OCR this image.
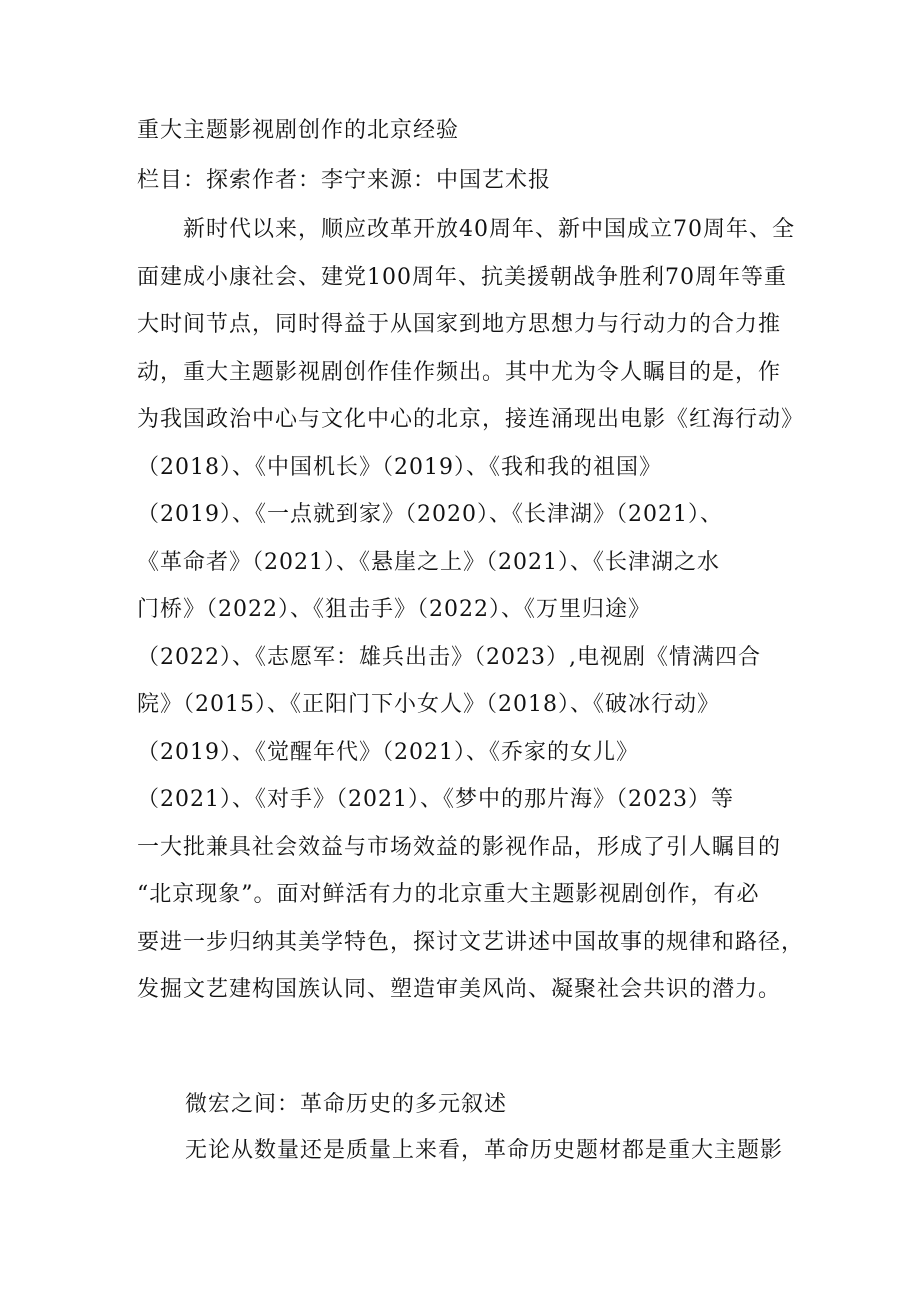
重大主题影视剧创作的北京经验
栏目：探索作者：李宁来源：中国艺术报
新时代以来，顺应改革开放40周年、新中国成立70周年、全
面建成小康社会、建党100周年、抗美援朝战争胜利70周年等重
大时间节点，同时得益于从国家到地方思想力与行动力的合力推
动，重大主题影视剧创作佳作频出。其中尤为令人瞩目的是，作
为我国政治中心与文化中心的北京，接连涌现出电影《红海行动》
（2018）、《中国机长》（2019）、《我和我的祖国》
（2019）、《一点就到家》（2020）、《长津湖》（2021）、
《革命者》（2021）、《悬崖之上》（2021）、《长津湖之水
门桥》（2022）、《狙击手》（2022）、《万里归途》
（2022）、《志愿军：雄兵出击》（2023）,电视剧《情满四合
院》（2015）、《正阳门下小女人》（2018）、《破冰行动》
（2019）、《觉醒年代》（2021）、《乔家的女儿》
（2021）、《对手》（2021）、《梦中的那片海》（2023）等
一大批兼具社会效益与市场效益的影视作品，形成了引人瞩目的
“北京现象”。面对鲜活有力的北京重大主题影视剧创作，有必
要进一步归纳其美学特色，探讨文艺讲述中国故事的规律和路径，
发掘文艺建构国族认同、塑造审美风尚、凝聚社会共识的潜力。
微宏之间：革命历史的多元叙述
无论从数量还是质量上来看，革命历史题材都是重大主题影
